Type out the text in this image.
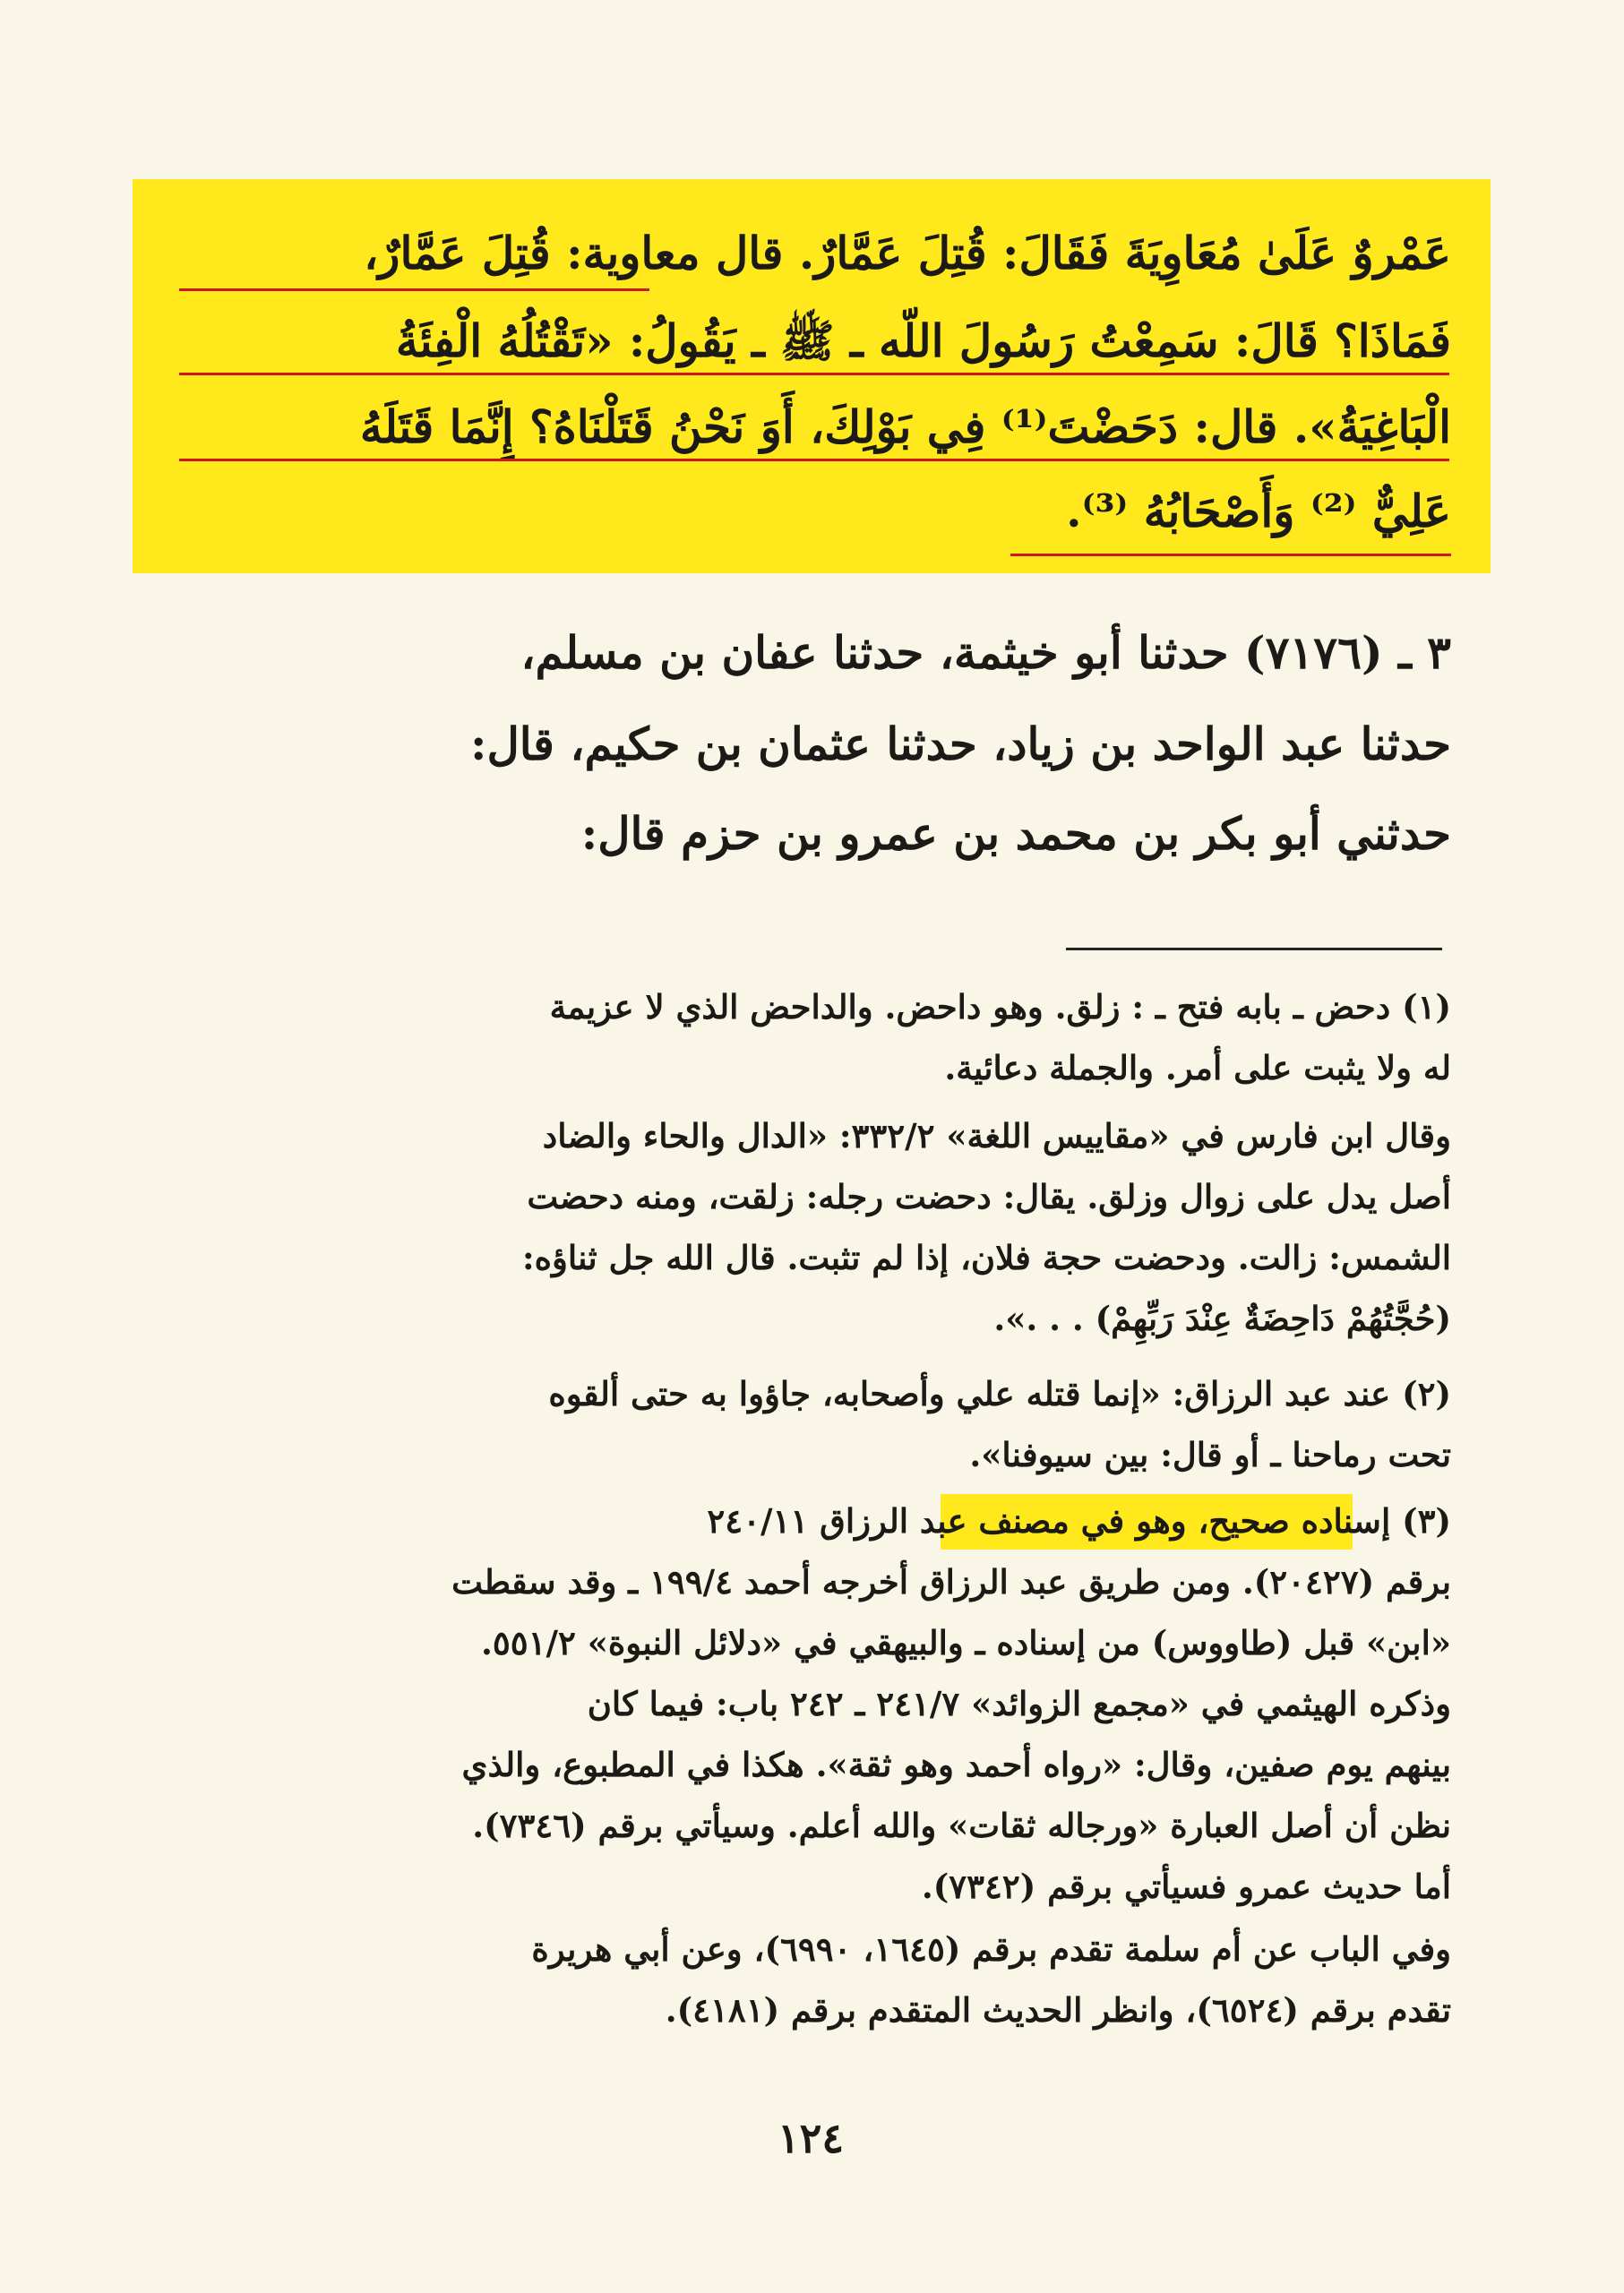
عَمْروٌ عَلَىٰ مُعَاوِيَةَ فَقَالَ: قُتِلَ عَمَّارٌ. قال معاوية: قُتِلَ عَمَّارٌ،
فَمَاذَا؟ قَالَ: سَمِعْتُ رَسُولَ اللّه ـ ﷺ ـ يَقُولُ: «تَقْتُلُهُ الْفِئَةُ
الْبَاغِيَةُ». قال: دَحَضْتَ⁽¹⁾ فِي بَوْلِكَ، أَوَ نَحْنُ قَتَلْنَاهُ؟ إِنَّمَا قَتَلَهُ
عَلِيٌّ ⁽²⁾ وَأَصْحَابُهُ ⁽³⁾.
٣ ـ (٧١٧٦) حدثنا أبو خيثمة، حدثنا عفان بن مسلم،
حدثنا عبد الواحد بن زياد، حدثنا عثمان بن حكيم، قال:
حدثني أبو بكر بن محمد بن عمرو بن حزم قال:
(١) دحض ـ بابه فتح ـ : زلق. وهو داحض. والداحض الذي لا عزيمة
له ولا يثبت على أمر. والجملة دعائية.
وقال ابن فارس في «مقاييس اللغة» ٣٣٢/٢: «الدال والحاء والضاد
أصل يدل على زوال وزلق. يقال: دحضت رجله: زلقت، ومنه دحضت
الشمس: زالت. ودحضت حجة فلان، إذا لم تثبت. قال الله جل ثناؤه:
(حُجَّتُهُمْ دَاحِضَةٌ عِنْدَ رَبِّهِمْ) . . .».
(٢) عند عبد الرزاق: «إنما قتله علي وأصحابه، جاؤوا به حتى ألقوه
تحت رماحنا ـ أو قال: بين سيوفنا».
(٣) إسناده صحيح، وهو في مصنف عبد الرزاق ٢٤٠/١١
برقم (٢٠٤٢٧). ومن طريق عبد الرزاق أخرجه أحمد ١٩٩/٤ ـ وقد سقطت
«ابن» قبل (طاووس) من إسناده ـ والبيهقي في «دلائل النبوة» ٥٥١/٢.
وذكره الهيثمي في «مجمع الزوائد» ٢٤١/٧ ـ ٢٤٢ باب: فيما كان
بينهم يوم صفين، وقال: «رواه أحمد وهو ثقة». هكذا في المطبوع، والذي
نظن أن أصل العبارة «ورجاله ثقات» والله أعلم. وسيأتي برقم (٧٣٤٦).
أما حديث عمرو فسيأتي برقم (٧٣٤٢).
وفي الباب عن أم سلمة تقدم برقم (١٦٤٥، ٦٩٩٠)، وعن أبي هريرة
تقدم برقم (٦٥٢٤)، وانظر الحديث المتقدم برقم (٤١٨١).
١٢٤
